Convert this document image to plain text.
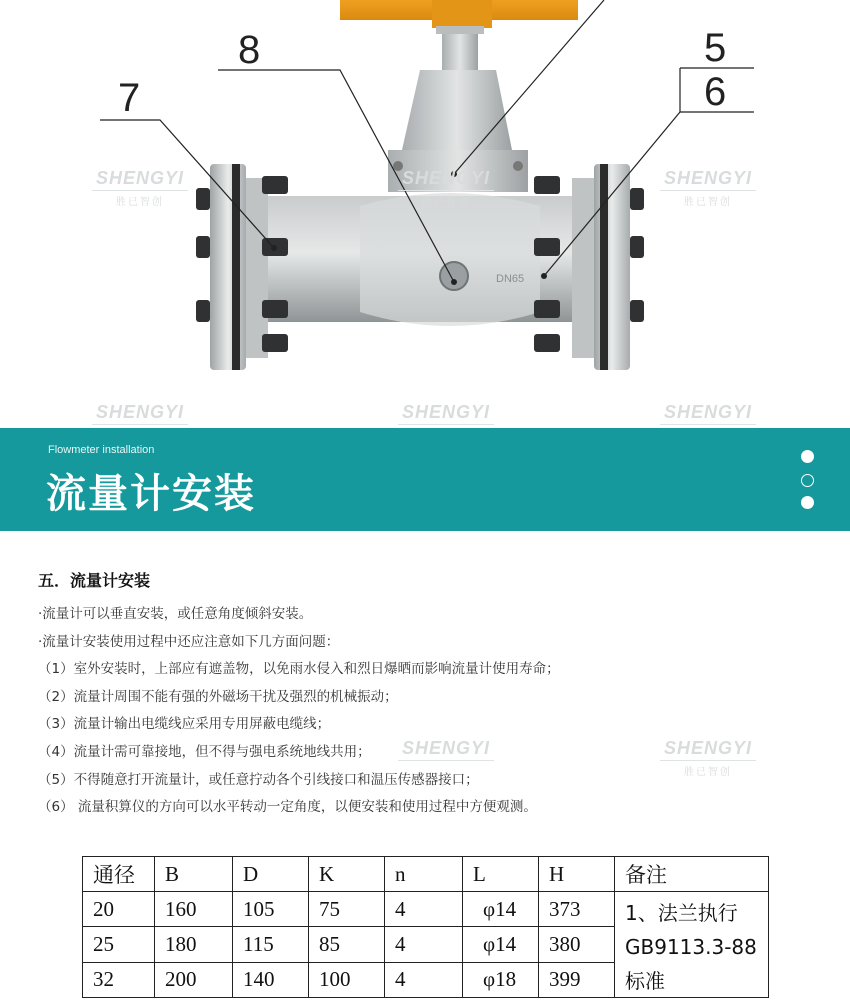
DN65
8
7
5
6
SHENGYI
胜已智创
SHENGYI
胜已智创
SHENGYI
胜已智创
SHENGYI	SHENGYI	SHENGYI
Flowmeter installation
流量计安装
SHENGYI
胜已智创
SHENGYI
五．流量计安装
·流量计可以垂直安装，或任意角度倾斜安装。
·流量计安装使用过程中还应注意如下几方面问题：
（1）室外安装时，上部应有遮盖物，以免雨水侵入和烈日爆晒而影响流量计使用寿命；
（2）流量计周围不能有强的外磁场干扰及强烈的机械振动；
（3）流量计输出电缆线应采用专用屏蔽电缆线；
（4）流量计需可靠接地，但不得与强电系统地线共用；
（5）不得随意打开流量计，或任意拧动各个引线接口和温压传感器接口；
（6） 流量积算仪的方向可以水平转动一定角度，以便安装和使用过程中方便观测。
通径	B	D	K	n	L	H	备注
20	160	105	75	4	φ14	373	1、法兰执行GB9113.3-88标准

25	180	115	85	4	φ14	380	
32	200	140	100	4	φ18	399	
